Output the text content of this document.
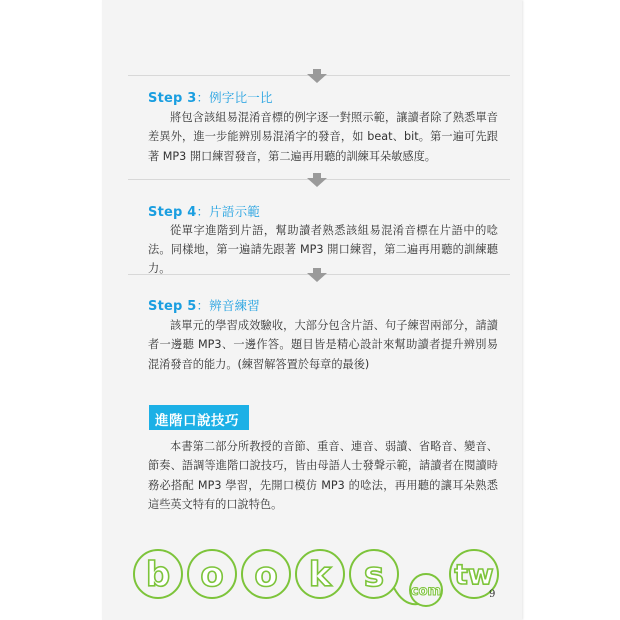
Step 3：例字比一比
將包含該組易混淆音標的例字逐一對照示範，讓讀者除了熟悉單音差異外，進一步能辨別易混淆字的發音，如 beat、bit。第一遍可先跟著 MP3 開口練習發音，第二遍再用聽的訓練耳朵敏感度。
Step 4：片語示範
從單字進階到片語，幫助讀者熟悉該組易混淆音標在片語中的唸法。同樣地，第一遍請先跟著 MP3 開口練習，第二遍再用聽的訓練聽力。
Step 5：辨音練習
該單元的學習成效驗收，大部分包含片語、句子練習兩部分，請讀者一邊聽 MP3、一邊作答。題目皆是精心設計來幫助讀者提升辨別易混淆發音的能力。(練習解答置於每章的最後)
進階口說技巧
本書第二部分所教授的音節、重音、連音、弱讀、省略音、變音、節奏、語調等進階口說技巧，皆由母語人士發聲示範，請讀者在閱讀時務必搭配 MP3 學習，先開口模仿 MP3 的唸法，再用聽的讓耳朵熟悉這些英文特有的口說特色。
b o o k s com
tw
9
